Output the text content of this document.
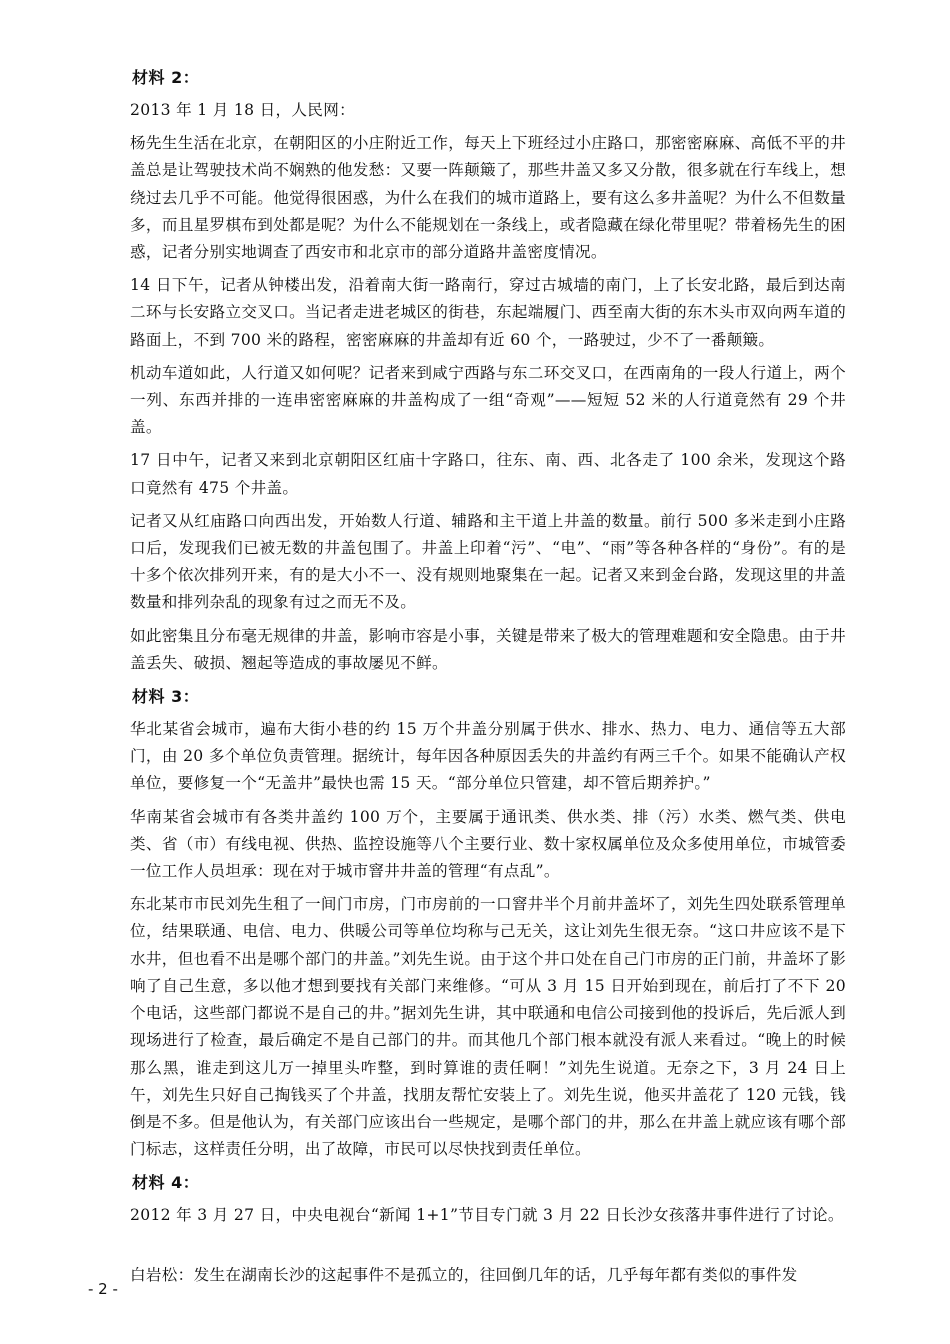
材料 2：
2013 年 1 月 18 日，人民网：
杨先生生活在北京，在朝阳区的小庄附近工作，每天上下班经过小庄路口，那密密麻麻、高低不平的井盖总是让驾驶技术尚不娴熟的他发愁：又要一阵颠簸了，那些井盖又多又分散，很多就在行车线上，想绕过去几乎不可能。他觉得很困惑，为什么在我们的城市道路上，要有这么多井盖呢？为什么不但数量多，而且星罗棋布到处都是呢？为什么不能规划在一条线上，或者隐藏在绿化带里呢？带着杨先生的困惑，记者分别实地调查了西安市和北京市的部分道路井盖密度情况。
14 日下午，记者从钟楼出发，沿着南大街一路南行，穿过古城墙的南门，上了长安北路，最后到达南二环与长安路立交叉口。当记者走进老城区的街巷，东起端履门、西至南大街的东木头市双向两车道的路面上，不到 700 米的路程，密密麻麻的井盖却有近 60 个，一路驶过，少不了一番颠簸。
机动车道如此，人行道又如何呢？记者来到咸宁西路与东二环交叉口，在西南角的一段人行道上，两个一列、东西并排的一连串密密麻麻的井盖构成了一组“奇观”——短短 52 米的人行道竟然有 29 个井盖。
17 日中午，记者又来到北京朝阳区红庙十字路口，往东、南、西、北各走了 100 余米，发现这个路口竟然有 475 个井盖。
记者又从红庙路口向西出发，开始数人行道、辅路和主干道上井盖的数量。前行 500 多米走到小庄路口后，发现我们已被无数的井盖包围了。井盖上印着“污”、“电”、“雨”等各种各样的“身份”。有的是十多个依次排列开来，有的是大小不一、没有规则地聚集在一起。记者又来到金台路，发现这里的井盖数量和排列杂乱的现象有过之而无不及。
如此密集且分布毫无规律的井盖，影响市容是小事，关键是带来了极大的管理难题和安全隐患。由于井盖丢失、破损、翘起等造成的事故屡见不鲜。
材料 3：
华北某省会城市，遍布大街小巷的约 15 万个井盖分别属于供水、排水、热力、电力、通信等五大部门，由 20 多个单位负责管理。据统计，每年因各种原因丢失的井盖约有两三千个。如果不能确认产权单位，要修复一个“无盖井”最快也需 15 天。“部分单位只管建，却不管后期养护。”
华南某省会城市有各类井盖约 100 万个，主要属于通讯类、供水类、排（污）水类、燃气类、供电类、省（市）有线电视、供热、监控设施等八个主要行业、数十家权属单位及众多使用单位，市城管委一位工作人员坦承：现在对于城市窨井井盖的管理“有点乱”。
东北某市市民刘先生租了一间门市房，门市房前的一口窨井半个月前井盖坏了，刘先生四处联系管理单位，结果联通、电信、电力、供暖公司等单位均称与己无关，这让刘先生很无奈。“这口井应该不是下水井，但也看不出是哪个部门的井盖。”刘先生说。由于这个井口处在自己门市房的正门前，井盖坏了影响了自己生意，多以他才想到要找有关部门来维修。“可从 3 月 15 日开始到现在，前后打了不下 20 个电话，这些部门都说不是自己的井。”据刘先生讲，其中联通和电信公司接到他的投诉后，先后派人到现场进行了检查，最后确定不是自己部门的井。而其他几个部门根本就没有派人来看过。“晚上的时候那么黑，谁走到这儿万一掉里头咋整，到时算谁的责任啊！”刘先生说道。无奈之下，3 月 24 日上午，刘先生只好自己掏钱买了个井盖，找朋友帮忙安装上了。刘先生说，他买井盖花了 120 元钱，钱倒是不多。但是他认为，有关部门应该出台一些规定，是哪个部门的井，那么在井盖上就应该有哪个部门标志，这样责任分明，出了故障，市民可以尽快找到责任单位。
材料 4：
2012 年 3 月 27 日，中央电视台“新闻 1+1”节目专门就 3 月 22 日长沙女孩落井事件进行了讨论。
白岩松：发生在湖南长沙的这起事件不是孤立的，往回倒几年的话，几乎每年都有类似的事件发
- 2 -
